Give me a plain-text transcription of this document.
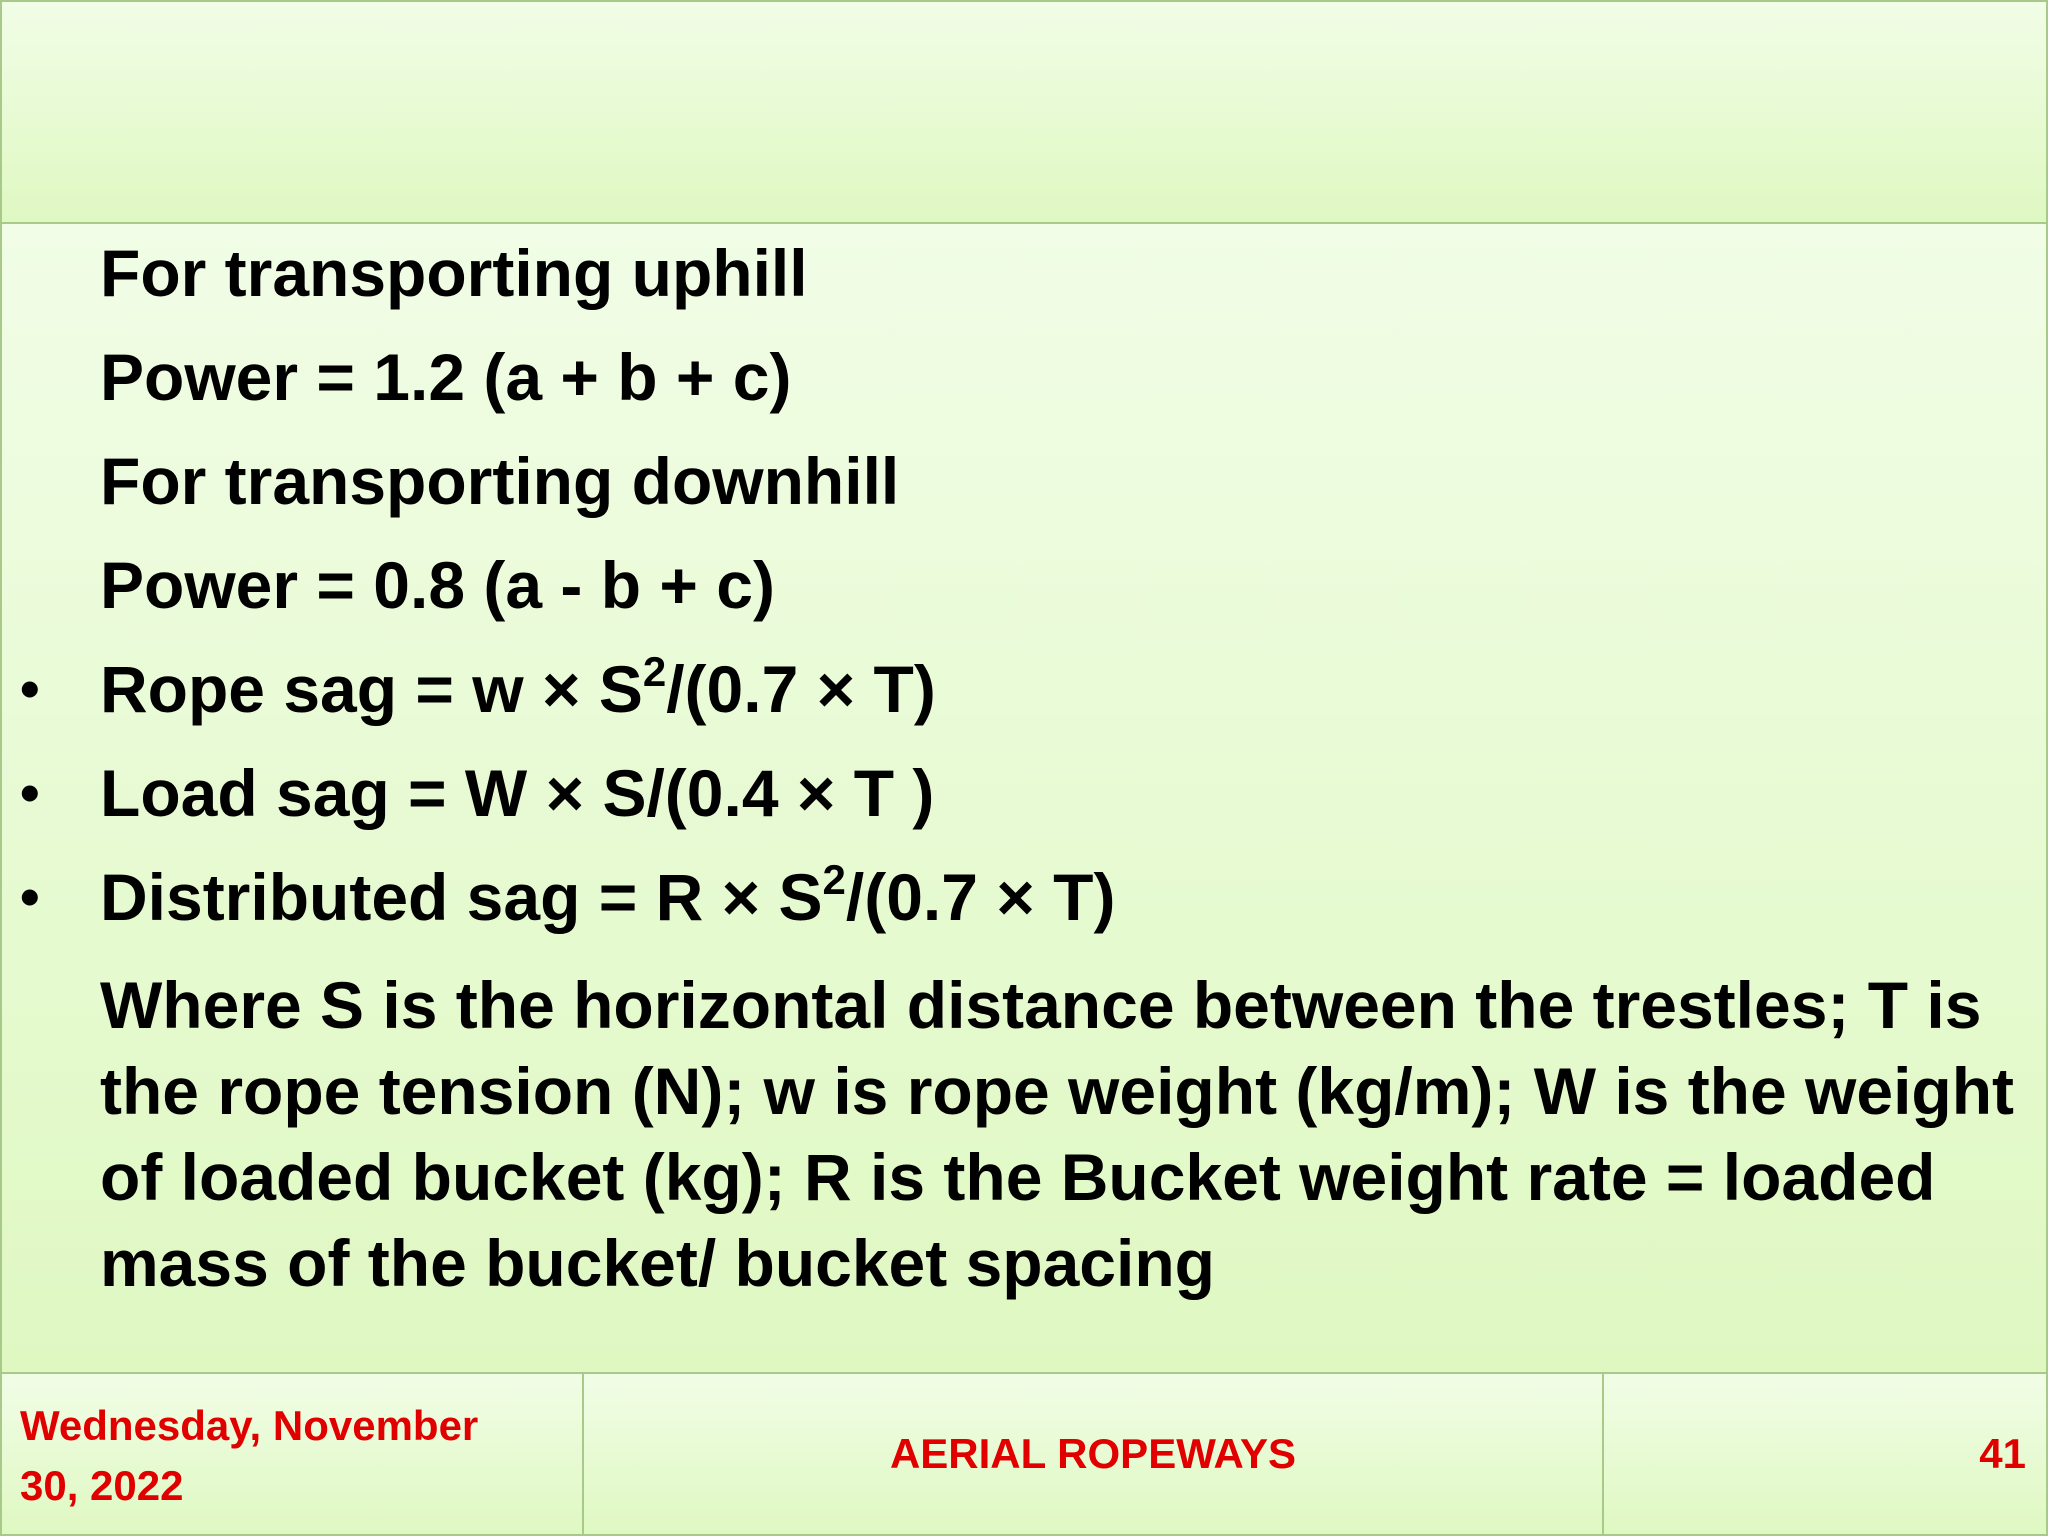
For transporting uphill
Power = 1.2 (a + b + c)
For transporting downhill
Power = 0.8 (a - b + c)
• Rope sag = $w \times S^2/(0.7 \times T)$
• Load sag = W × S/(0.4 × T )
• Distributed sag = $R \times S^2/(0.7 \times T)$
Where S is the horizontal distance between the trestles; T is the rope tension (N); w is rope weight (kg/m); W is the weight of loaded bucket (kg); R is the Bucket weight rate = loaded mass of the bucket/ bucket spacing
Wednesday, November
30, 2022
AERIAL ROPEWAYS	41
